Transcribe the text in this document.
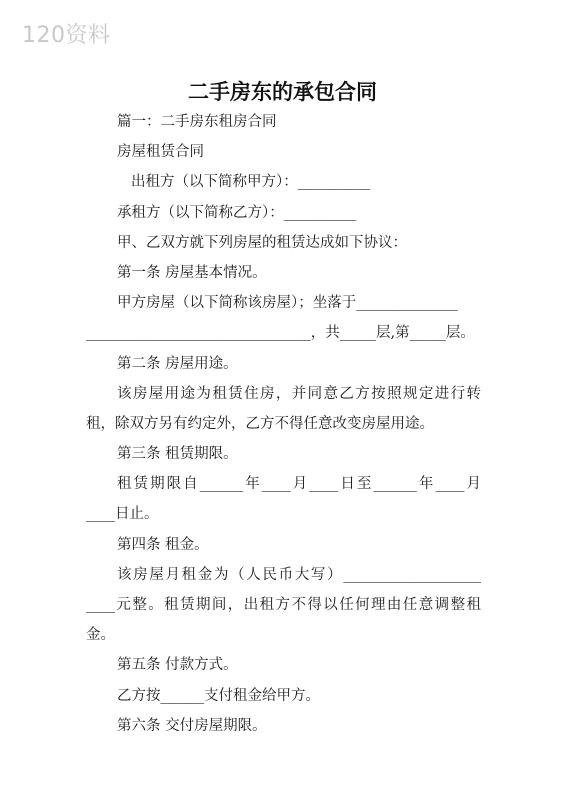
120资料
二手房东的承包合同
篇一：二手房东租房合同
房屋租赁合同
出租方（以下简称甲方）：__________
承租方（以下简称乙方）：__________
甲、乙双方就下列房屋的租赁达成如下协议：
第一条 房屋基本情况。
甲方房屋（以下简称该房屋）；坐落于______________
_______________________________，共_____层,第_____层。
第二条 房屋用途。
该房屋用途为租赁住房，并同意乙方按照规定进行转
租，除双方另有约定外，乙方不得任意改变房屋用途。
第三条 租赁期限。
租赁期限自______年____月____日至______年____月
____日止。
第四条 租金。
该房屋月租金为（人民币大写）___________________
____元整。租赁期间，出租方不得以任何理由任意调整租
金。
第五条 付款方式。
乙方按______支付租金给甲方。
第六条 交付房屋期限。
